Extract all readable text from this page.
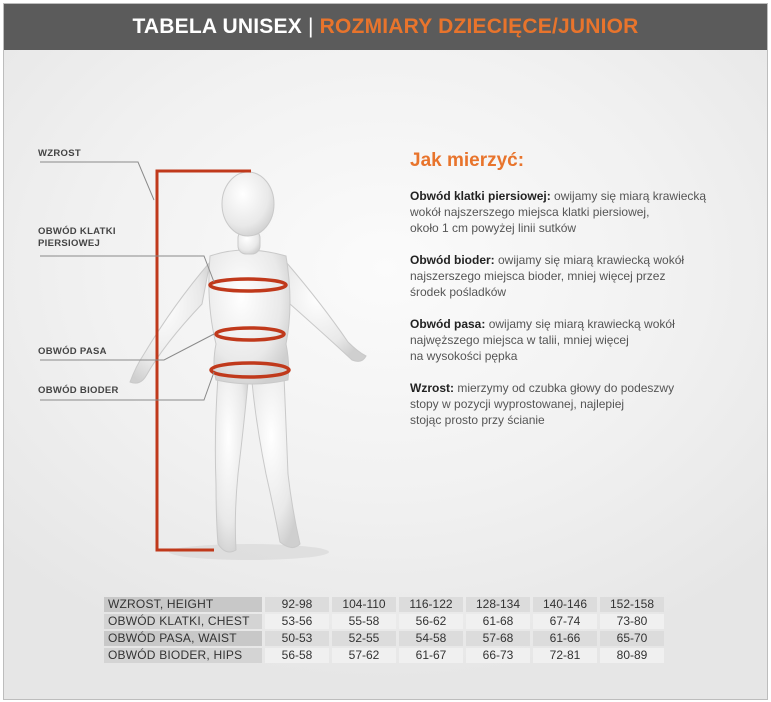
TABELA UNISEX | ROZMIARY DZIECIĘCE/JUNIOR
WZROST
OBWÓD KLATKI
PIERSIOWEJ
OBWÓD PASA
OBWÓD BIODER
Jak mierzyć:

Obwód klatki piersiowej: owijamy się miarą krawiecką
wokół najszerszego miejsca klatki piersiowej,
około 1 cm powyżej linii sutków

Obwód bioder: owijamy się miarą krawiecką wokół
najszerszego miejsca bioder, mniej więcej przez
środek pośladków

Obwód pasa: owijamy się miarą krawiecką wokół
najwęższego miejsca w talii, mniej więcej
na wysokości pępka

Wzrost: mierzymy od czubka głowy do podeszwy
stopy w pozycji wyprostowanej, najlepiej
stojąc prosto przy ścianie

WZROST, HEIGHT	92-98	104-110	116-122	128-134	140-146	152-158
OBWÓD KLATKI, CHEST	53-56	55-58	56-62	61-68	67-74	73-80
OBWÓD PASA, WAIST	50-53	52-55	54-58	57-68	61-66	65-70
OBWÓD BIODER, HIPS	56-58	57-62	61-67	66-73	72-81	80-89
